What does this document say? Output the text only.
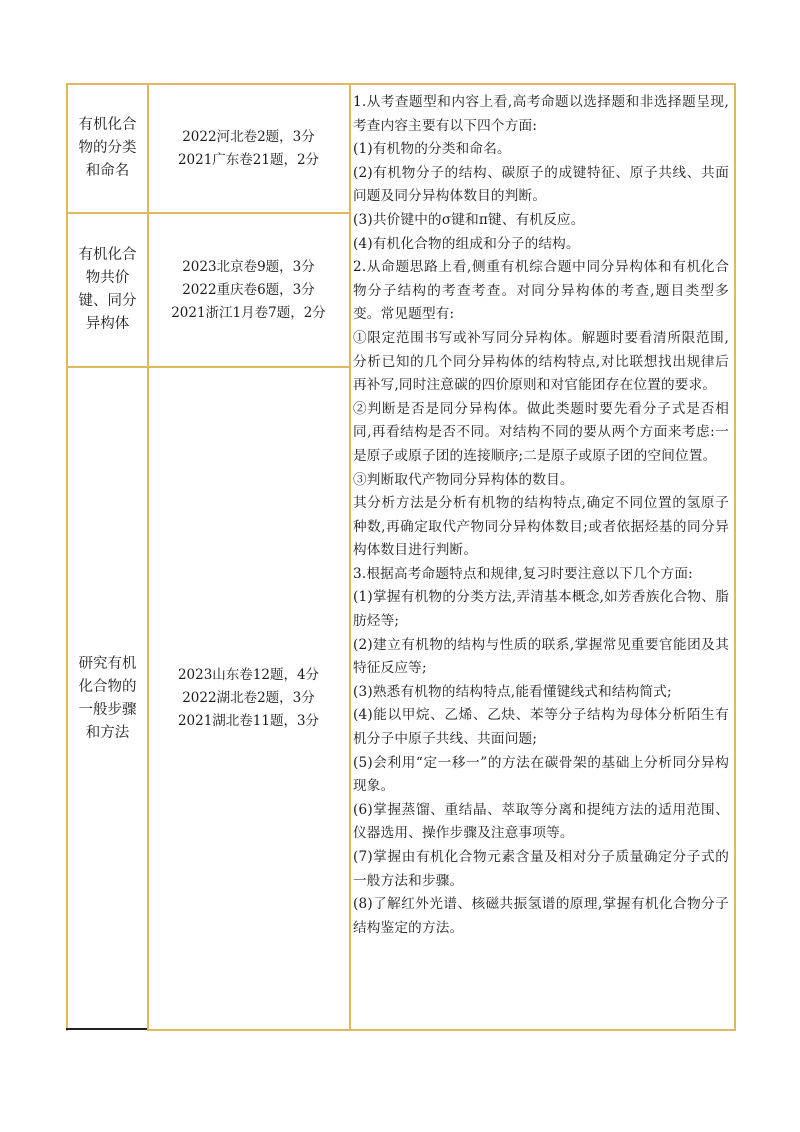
有机化合物的分类和命名
2022河北卷2题，3分
2021广东卷21题，2分
有机化合物共价键、同分异构体
2023北京卷9题，3分
2022重庆卷6题，3分
2021浙江1月卷7题，2分
研究有机化合物的一般步骤和方法
2023山东卷12题，4分
2022湖北卷2题，3分
2021湖北卷11题，3分

1.从考查题型和内容上看,高考命题以选择题和非选择题呈现,考查内容主要有以下四个方面:

(1)有机物的分类和命名。

(2)有机物分子的结构、碳原子的成键特征、原子共线、共面问题及同分异构体数目的判断。

(3)共价键中的σ键和π键、有机反应。

(4)有机化合物的组成和分子的结构。

2.从命题思路上看,侧重有机综合题中同分异构体和有机化合物分子结构的考查考查。对同分异构体的考查,题目类型多变。常见题型有:

①限定范围书写或补写同分异构体。解题时要看清所限范围,分析已知的几个同分异构体的结构特点,对比联想找出规律后再补写,同时注意碳的四价原则和对官能团存在位置的要求。

②判断是否是同分异构体。做此类题时要先看分子式是否相同,再看结构是否不同。对结构不同的要从两个方面来考虑:一是原子或原子团的连接顺序;二是原子或原子团的空间位置。

③判断取代产物同分异构体的数目。

其分析方法是分析有机物的结构特点,确定不同位置的氢原子种数,再确定取代产物同分异构体数目;或者依据烃基的同分异构体数目进行判断。

3.根据高考命题特点和规律,复习时要注意以下几个方面:

(1)掌握有机物的分类方法,弄清基本概念,如芳香族化合物、脂肪烃等;

(2)建立有机物的结构与性质的联系,掌握常见重要官能团及其特征反应等;

(3)熟悉有机物的结构特点,能看懂键线式和结构简式;

(4)能以甲烷、乙烯、乙炔、苯等分子结构为母体分析陌生有机分子中原子共线、共面问题;

(5)会利用“定一移一”的方法在碳骨架的基础上分析同分异构现象。

(6)掌握蒸馏、重结晶、萃取等分离和提纯方法的适用范围、仪器选用、操作步骤及注意事项等。

(7)掌握由有机化合物元素含量及相对分子质量确定分子式的一般方法和步骤。

(8)了解红外光谱、核磁共振氢谱的原理,掌握有机化合物分子结构鉴定的方法。
